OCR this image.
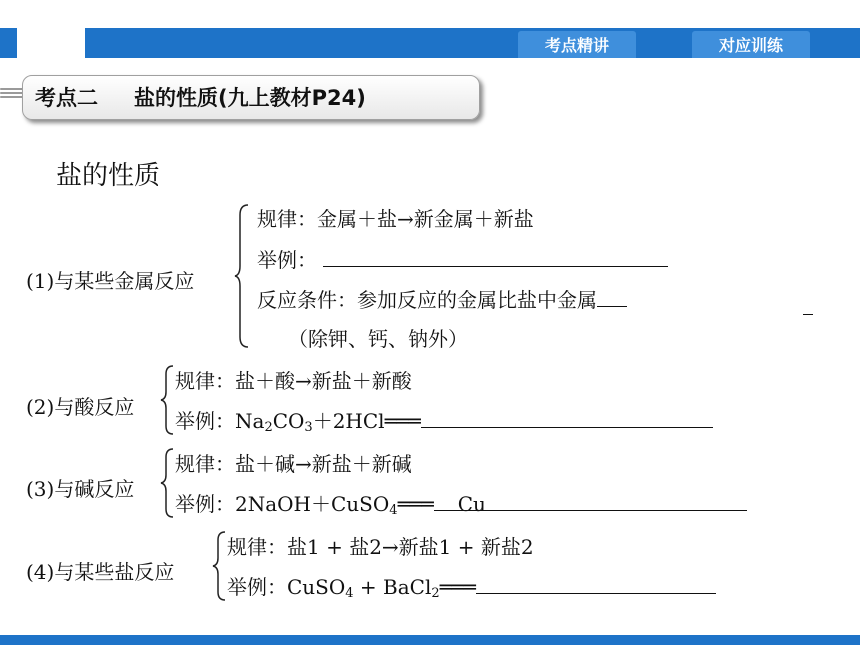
考点精讲	对应训练
考点二 盐的性质(九上教材P24)
盐的性质
(1)与某些金属反应
规律：金属＋盐→新金属＋新盐
举例：
反应条件：参加反应的金属比盐中金属
（除钾、钙、钠外）
(2)与酸反应
规律：盐＋酸→新盐＋新酸
举例：$Na_2CO_3+2HCl═══$
(3)与碱反应
规律：盐＋碱→新盐＋新碱
举例：2NaOH＋CuSO$_4$═══ Cu
(4)与某些盐反应
规律：盐1 + 盐2→新盐1 + 新盐2
举例：CuSO$_4$ + BaCl$_2$═══
